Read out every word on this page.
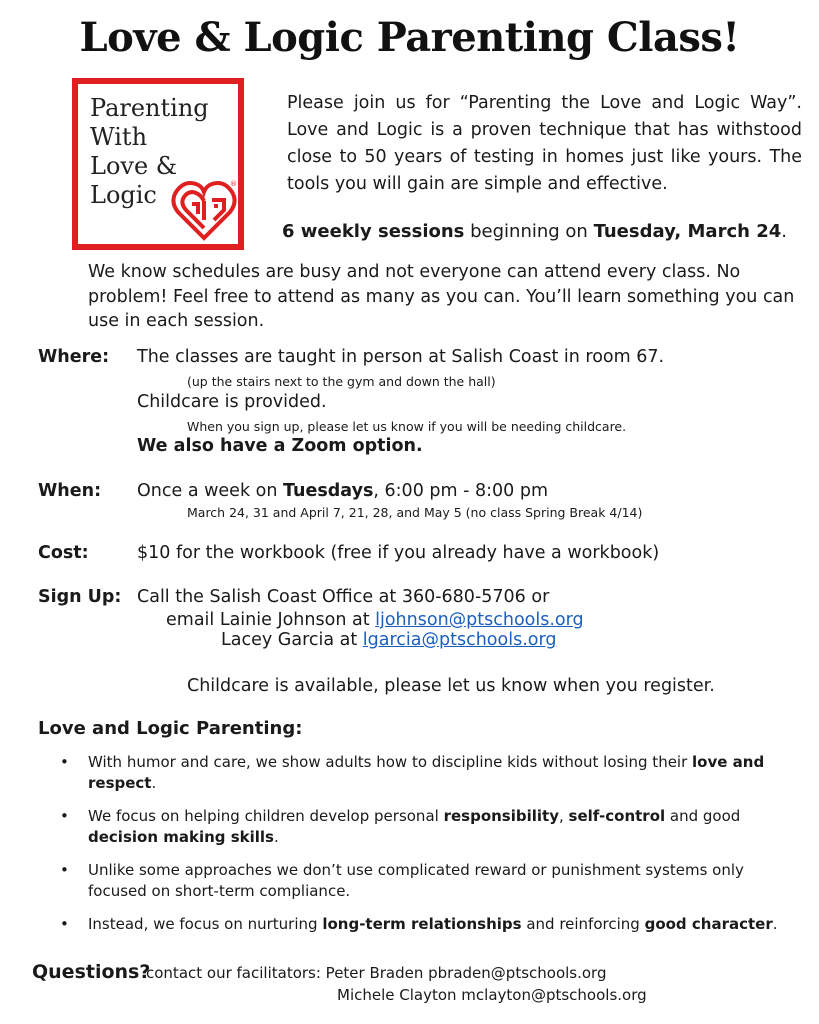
Love & Logic Parenting Class!
Parenting
With
Love &
Logic	®
Please join us for “Parenting the Love and Logic Way”. Love and Logic is a proven technique that has withstood close to 50 years of testing in homes just like yours. The tools you will gain are simple and effective.
6 weekly sessions beginning on Tuesday, March 24.
We know schedules are busy and not everyone can attend every class. No problem! Feel free to attend as many as you can. You’ll learn something you can use in each session.
Where: The classes are taught in person at Salish Coast in room 67.
(up the stairs next to the gym and down the hall)
Childcare is provided.
When you sign up, please let us know if you will be needing childcare.
We also have a Zoom option.
When: Once a week on Tuesdays, 6:00 pm - 8:00 pm
March 24, 31 and April 7, 21, 28, and May 5 (no class Spring Break 4/14)
Cost:	$10 for the workbook (free if you already have a workbook)
Sign Up: Call the Salish Coast Office at 360-680-5706 or
email Lainie Johnson at ljohnson@ptschools.org
Lacey Garcia at lgarcia@ptschools.org
Childcare is available, please let us know when you register.
Love and Logic Parenting:
• With humor and care, we show adults how to discipline kids without losing their love and respect.
• We focus on helping children develop personal responsibility, self-control and good decision making skills.
• Unlike some approaches we don’t use complicated reward or punishment systems only focused on short-term compliance.
• Instead, we focus on nurturing long-term relationships and reinforcing good character.
Questions?
contact our facilitators: Peter Braden pbraden@ptschools.org
Michele Clayton mclayton@ptschools.org
